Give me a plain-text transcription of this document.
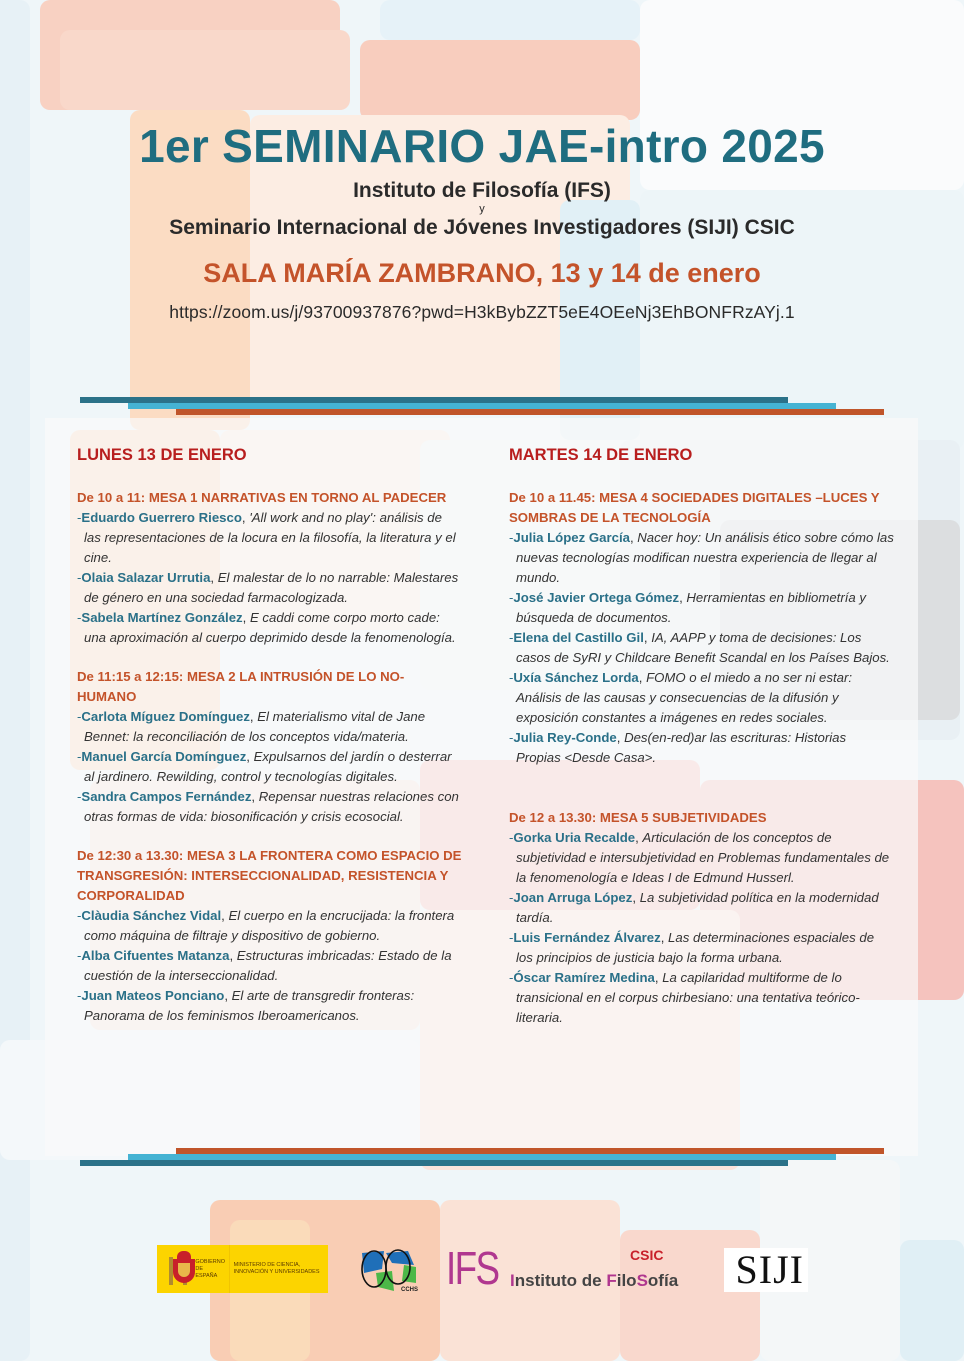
1er SEMINARIO JAE-intro 2025
Instituto de Filosofía (IFS)
y
Seminario Internacional de Jóvenes Investigadores (SIJI) CSIC
SALA MARÍA ZAMBRANO, 13 y 14 de enero
https://zoom.us/j/93700937876?pwd=H3kBybZZT5eE4OEeNj3EhBONFRzAYj.1
LUNES 13 DE ENERO
De 10 a 11: MESA 1 NARRATIVAS EN TORNO AL PADECER
-Eduardo Guerrero Riesco, 'All work and no play': análisis de las representaciones de la locura en la filosofía, la literatura y el cine.
-Olaia Salazar Urrutia, El malestar de lo no narrable: Malestares de género en una sociedad farmacologizada.
-Sabela Martínez González, E caddi come corpo morto cade: una aproximación al cuerpo deprimido desde la fenomenología.
De 11:15 a 12:15: MESA 2 LA INTRUSIÓN DE LO NO-HUMANO
-Carlota Míguez Domínguez, El materialismo vital de Jane Bennet: la reconciliación de los conceptos vida/materia.
-Manuel García Domínguez, Expulsarnos del jardín o desterrar al jardinero. Rewilding, control y tecnologías digitales.
-Sandra Campos Fernández, Repensar nuestras relaciones con otras formas de vida: biosonificación y crisis ecosocial.
De 12:30 a 13.30: MESA 3 LA FRONTERA COMO ESPACIO DE TRANSGRESIÓN: INTERSECCIONALIDAD, RESISTENCIA Y CORPORALIDAD
-Clàudia Sánchez Vidal, El cuerpo en la encrucijada: la frontera como máquina de filtraje y dispositivo de gobierno.
-Alba Cifuentes Matanza, Estructuras imbricadas: Estado de la cuestión de la interseccionalidad.
-Juan Mateos Ponciano, El arte de transgredir fronteras: Panorama de los feminismos Iberoamericanos.
MARTES 14 DE ENERO
De 10 a 11.45: MESA 4 SOCIEDADES DIGITALES –LUCES Y SOMBRAS DE LA TECNOLOGÍA
-Julia López García, Nacer hoy: Un análisis ético sobre cómo las nuevas tecnologías modifican nuestra experiencia de llegar al mundo.
-José Javier Ortega Gómez, Herramientas en bibliometría y búsqueda de documentos.
-Elena del Castillo Gil, IA, AAPP y toma de decisiones: Los casos de SyRI y Childcare Benefit Scandal en los Países Bajos.
-Uxía Sánchez Lorda, FOMO o el miedo a no ser ni estar: Análisis de las causas y consecuencias de la difusión y exposición constantes a imágenes en redes sociales.
-Julia Rey-Conde, Des(en-red)ar las escrituras: Historias Propias <Desde Casa>.
De 12 a 13.30: MESA 5 SUBJETIVIDADES
-Gorka Uria Recalde, Articulación de los conceptos de subjetividad e intersubjetividad en Problemas fundamentales de la fenomenología e Ideas I de Edmund Husserl.
-Joan Arruga López, La subjetividad política en la modernidad tardía.
-Luis Fernández Álvarez, Las determinaciones espaciales de los principios de justicia bajo la forma urbana.
-Óscar Ramírez Medina, La capilaridad multiforme de lo transicional en el corpus chirbesiano: una tentativa teórico-literaria.
GOBIERNO DE ESPAÑA
MINISTERIO DE CIENCIA, INNOVACIÓN Y UNIVERSIDADES
CCHS IFS Instituto de FiloSofía
CSIC SIJI
